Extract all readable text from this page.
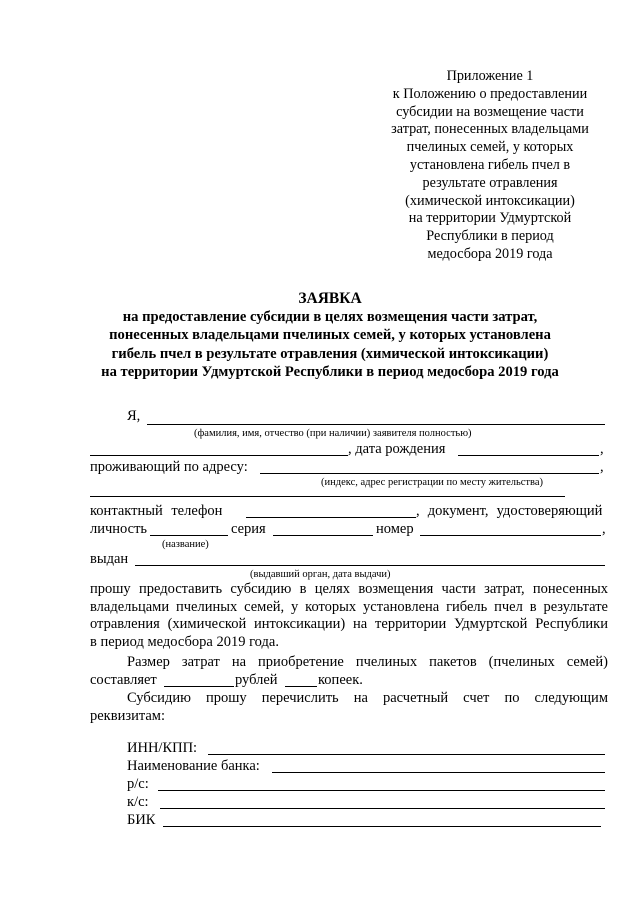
Приложение 1
к Положению о предоставлении
субсидии на возмещение части
затрат, понесенных владельцами
пчелиных семей, у которых
установлена гибель пчел в
результате отравления
(химической интоксикации)
на территории Удмуртской
Республики в период
медосбора 2019 года
ЗАЯВКА
на предоставление субсидии в целях возмещения части затрат,
понесенных владельцами пчелиных семей, у которых установлена
гибель пчел в результате отравления (химической интоксикации)
на территории Удмуртской Республики в период медосбора 2019 года
Я,
(фамилия, имя, отчество (при наличии) заявителя полностью)
, дата рождения	,
проживающий по адресу:	,
(индекс, адрес регистрации по месту жительства)
контактный телефон	, документ, удостоверяющий
личность	серия	номер	,
(название)
выдан
(выдавший орган, дата выдачи)
прошу предоставить субсидию в целях возмещения части затрат, понесенных
владельцами пчелиных семей, у которых установлена гибель пчел в результате
отравления (химической интоксикации) на территории Удмуртской Республики
в период медосбора 2019 года.
Размер затрат на приобретение пчелиных пакетов (пчелиных семей)
составляет	рублей	копеек.
Субсидию прошу перечислить на расчетный счет по следующим
реквизитам:
ИНН/КПП:
Наименование банка:
р/с:
к/с:
БИК
